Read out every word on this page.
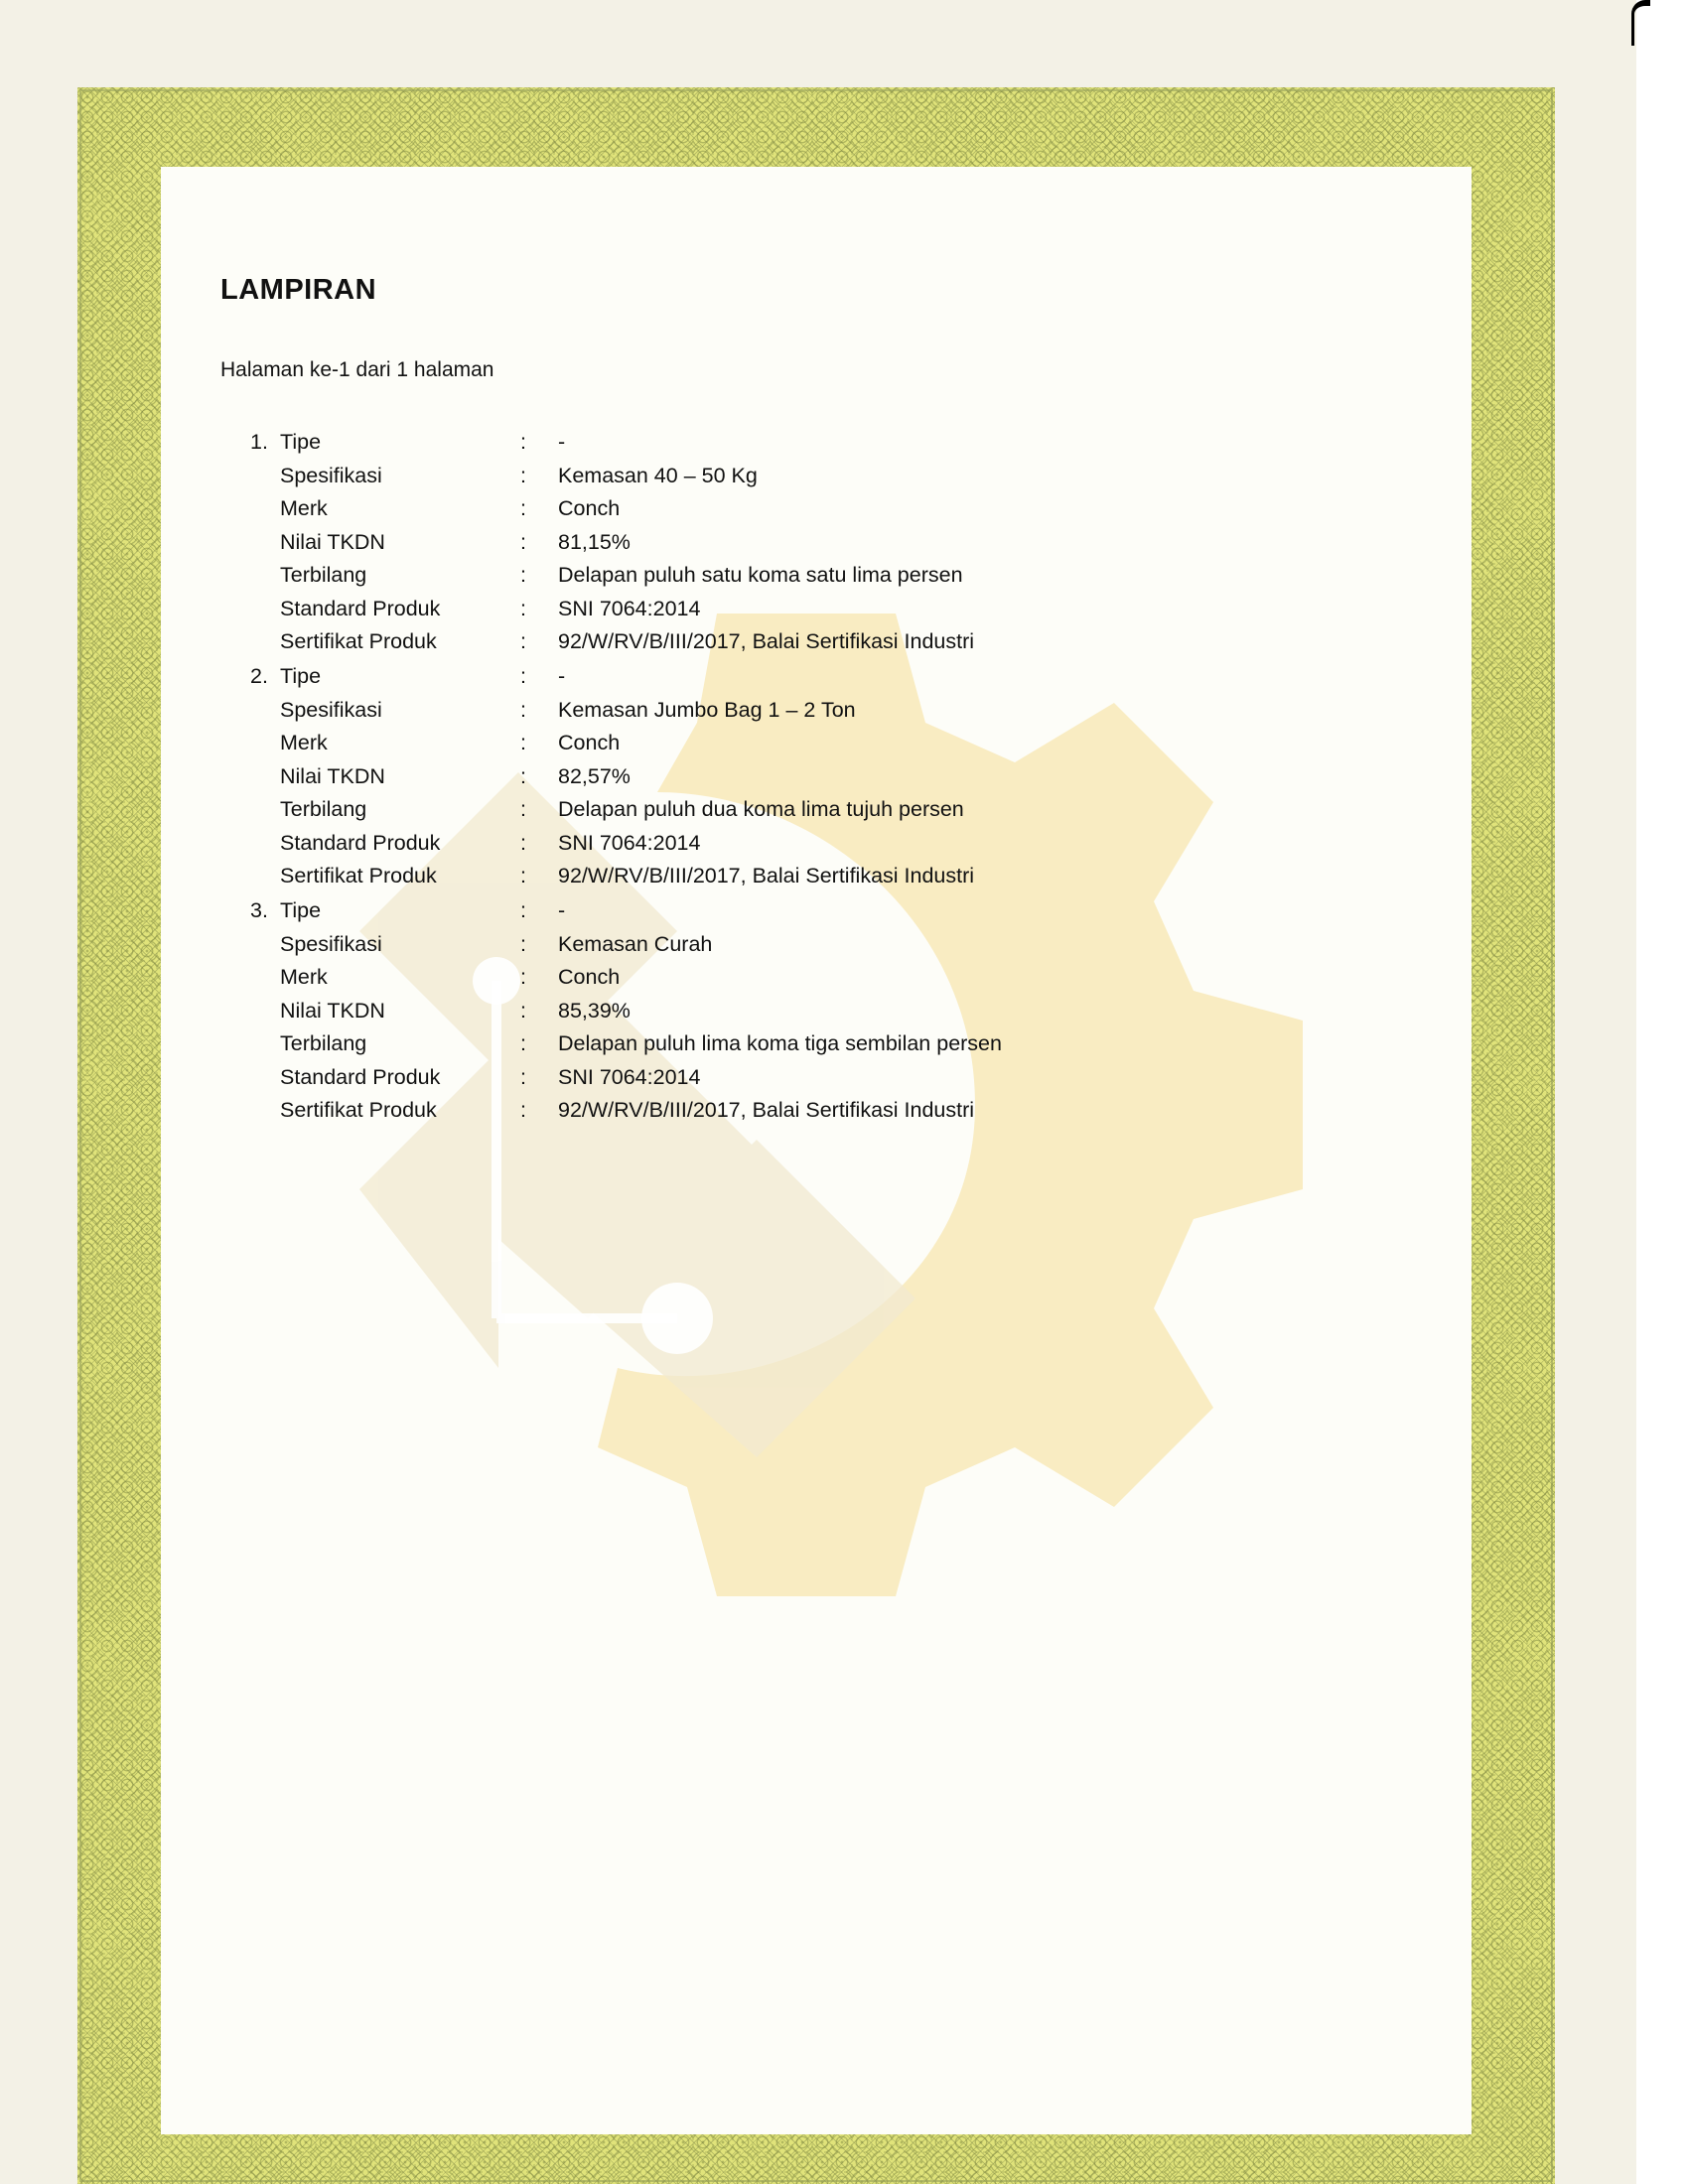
LAMPIRAN
Halaman ke-1 dari 1 halaman
1. Tipe	: -
Spesifikasi	: Kemasan 40 – 50 Kg
Merk	: Conch
Nilai TKDN	: 81,15%
Terbilang	: Delapan puluh satu koma satu lima persen
Standard Produk	: SNI 7064:2014
Sertifikat Produk	: 92/W/RV/B/III/2017, Balai Sertifikasi Industri
2. Tipe	: -
Spesifikasi	: Kemasan Jumbo Bag 1 – 2 Ton
Merk	: Conch
Nilai TKDN	: 82,57%
Terbilang	: Delapan puluh dua koma lima tujuh persen
Standard Produk	: SNI 7064:2014
Sertifikat Produk	: 92/W/RV/B/III/2017, Balai Sertifikasi Industri
3. Tipe	: -
Spesifikasi	: Kemasan Curah
Merk	: Conch
Nilai TKDN	: 85,39%
Terbilang	: Delapan puluh lima koma tiga sembilan persen
Standard Produk	: SNI 7064:2014
Sertifikat Produk	: 92/W/RV/B/III/2017, Balai Sertifikasi Industri
